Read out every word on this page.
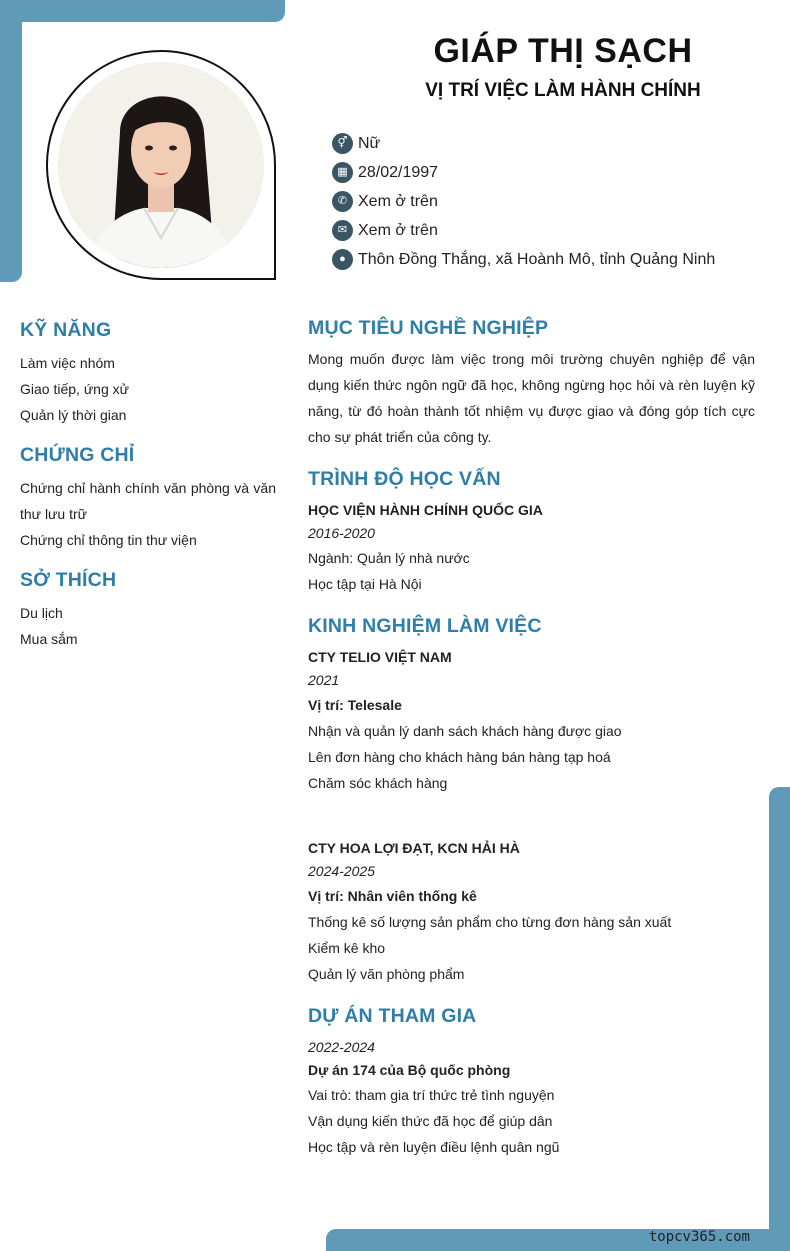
GIÁP THỊ SẠCH
VỊ TRÍ VIỆC LÀM HÀNH CHÍNH
⚥ Nữ
▦ 28/02/1997
✆ Xem ở trên
✉ Xem ở trên
● Thôn Đồng Thắng, xã Hoành Mô, tỉnh Quảng Ninh
KỸ NĂNG
Làm việc nhóm
Giao tiếp, ứng xử
Quản lý thời gian
CHỨNG CHỈ
Chứng chỉ hành chính văn phòng và văn thư lưu trữ
Chứng chỉ thông tin thư viện
SỞ THÍCH
Du lịch
Mua sắm
MỤC TIÊU NGHỀ NGHIỆP
Mong muốn được làm việc trong môi trường chuyên nghiệp để vận dụng kiến thức ngôn ngữ đã học, không ngừng học hỏi và rèn luyện kỹ năng, từ đó hoàn thành tốt nhiệm vụ được giao và đóng góp tích cực cho sự phát triển của công ty.
TRÌNH ĐỘ HỌC VẤN
HỌC VIỆN HÀNH CHÍNH QUỐC GIA
2016-2020
Ngành: Quản lý nhà nước
Học tập tại Hà Nội
KINH NGHIỆM LÀM VIỆC
CTY TELIO VIỆT NAM
2021
Vị trí: Telesale
Nhận và quản lý danh sách khách hàng được giao
Lên đơn hàng cho khách hàng bán hàng tạp hoá
Chăm sóc khách hàng
CTY HOA LỢI ĐẠT, KCN HẢI HÀ
2024-2025
Vị trí: Nhân viên thống kê
Thống kê số lượng sản phẩm cho từng đơn hàng sản xuất
Kiểm kê kho
Quản lý văn phòng phẩm
DỰ ÁN THAM GIA
2022-2024
Dự án 174 của Bộ quốc phòng
Vai trò: tham gia trí thức trẻ tình nguyện
Vận dụng kiến thức đã học để giúp dân
Học tập và rèn luyện điều lệnh quân ngũ
topcv365.com
